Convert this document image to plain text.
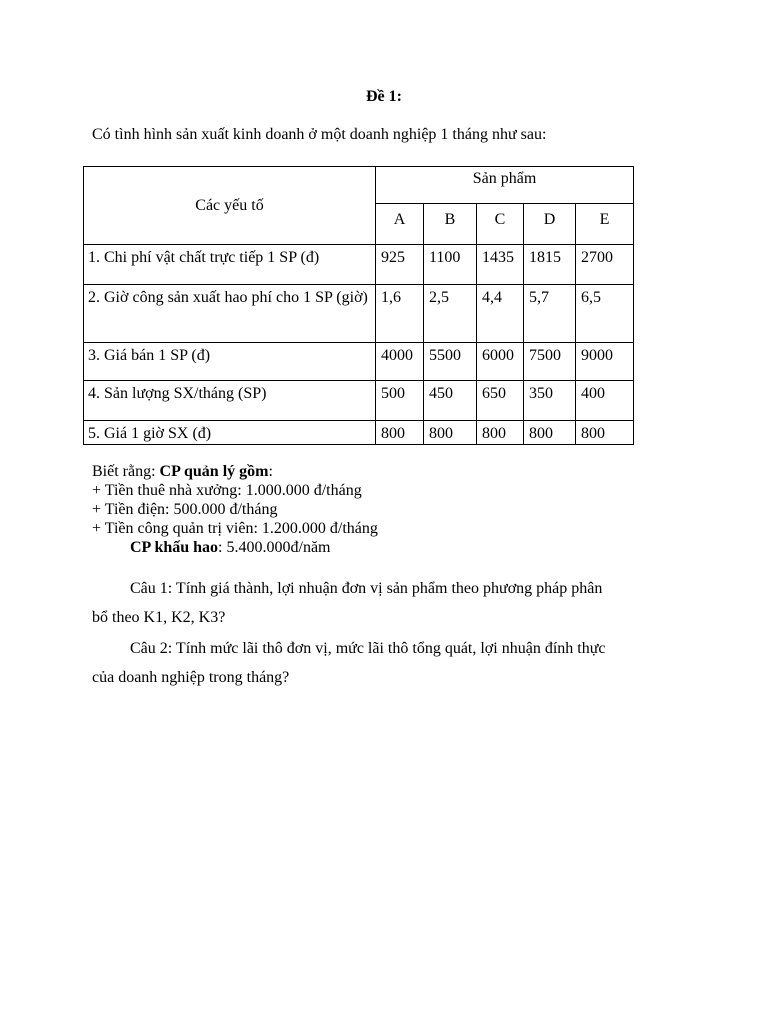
Đề 1:
Có tình hình sản xuất kinh doanh ở một doanh nghiệp 1 tháng như sau:
Các yếu tố	Sản phẩm				
	A	B	C	D	E
1. Chi phí vật chất trực tiếp 1 SP (đ)	925	1100	1435	1815	2700
2. Giờ công sản xuất hao phí cho 1 SP (giờ)	1,6	2,5	4,4	5,7	6,5
3. Giá bán 1 SP (đ)	4000	5500	6000	7500	9000
4. Sản lượng SX/tháng (SP)	500	450	650	350	400
5. Giá 1 giờ SX (đ)	800	800	800	800	800
Biết rằng: CP quản lý gồm:
+ Tiền thuê nhà xưởng: 1.000.000 đ/tháng
+ Tiền điện: 500.000 đ/tháng
+ Tiền công quản trị viên: 1.200.000 đ/tháng
CP khấu hao: 5.400.000đ/năm
Câu 1: Tính giá thành, lợi nhuận đơn vị sản phẩm theo phương pháp phân
bổ theo K1, K2, K3?
Câu 2: Tính mức lãi thô đơn vị, mức lãi thô tổng quát, lợi nhuận đính thực
của doanh nghiệp trong tháng?
